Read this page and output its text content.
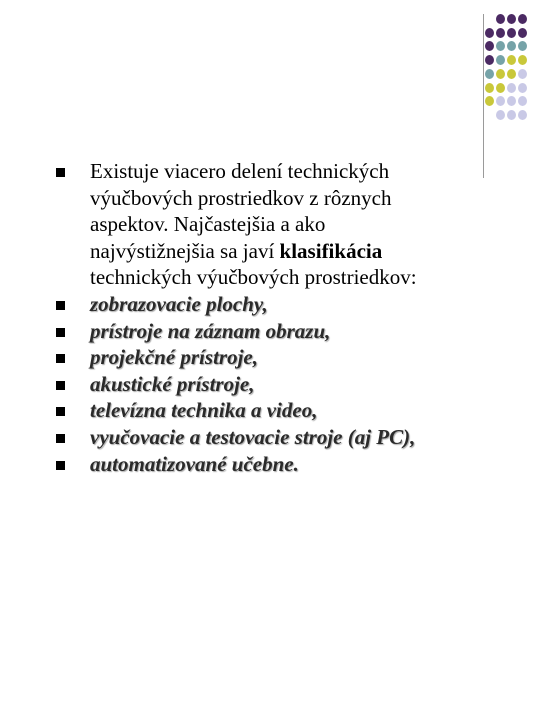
Existuje viacero delení technických
výučbových prostriedkov z rôznych
aspektov. Najčastejšia a ako
najvýstižnejšia sa javí klasifikácia
technických výučbových prostriedkov:
zobrazovacie plochy,
prístroje na záznam obrazu,
projekčné prístroje,
akustické prístroje,
televízna technika a video,
vyučovacie a testovacie stroje (aj PC),
automatizované učebne.
